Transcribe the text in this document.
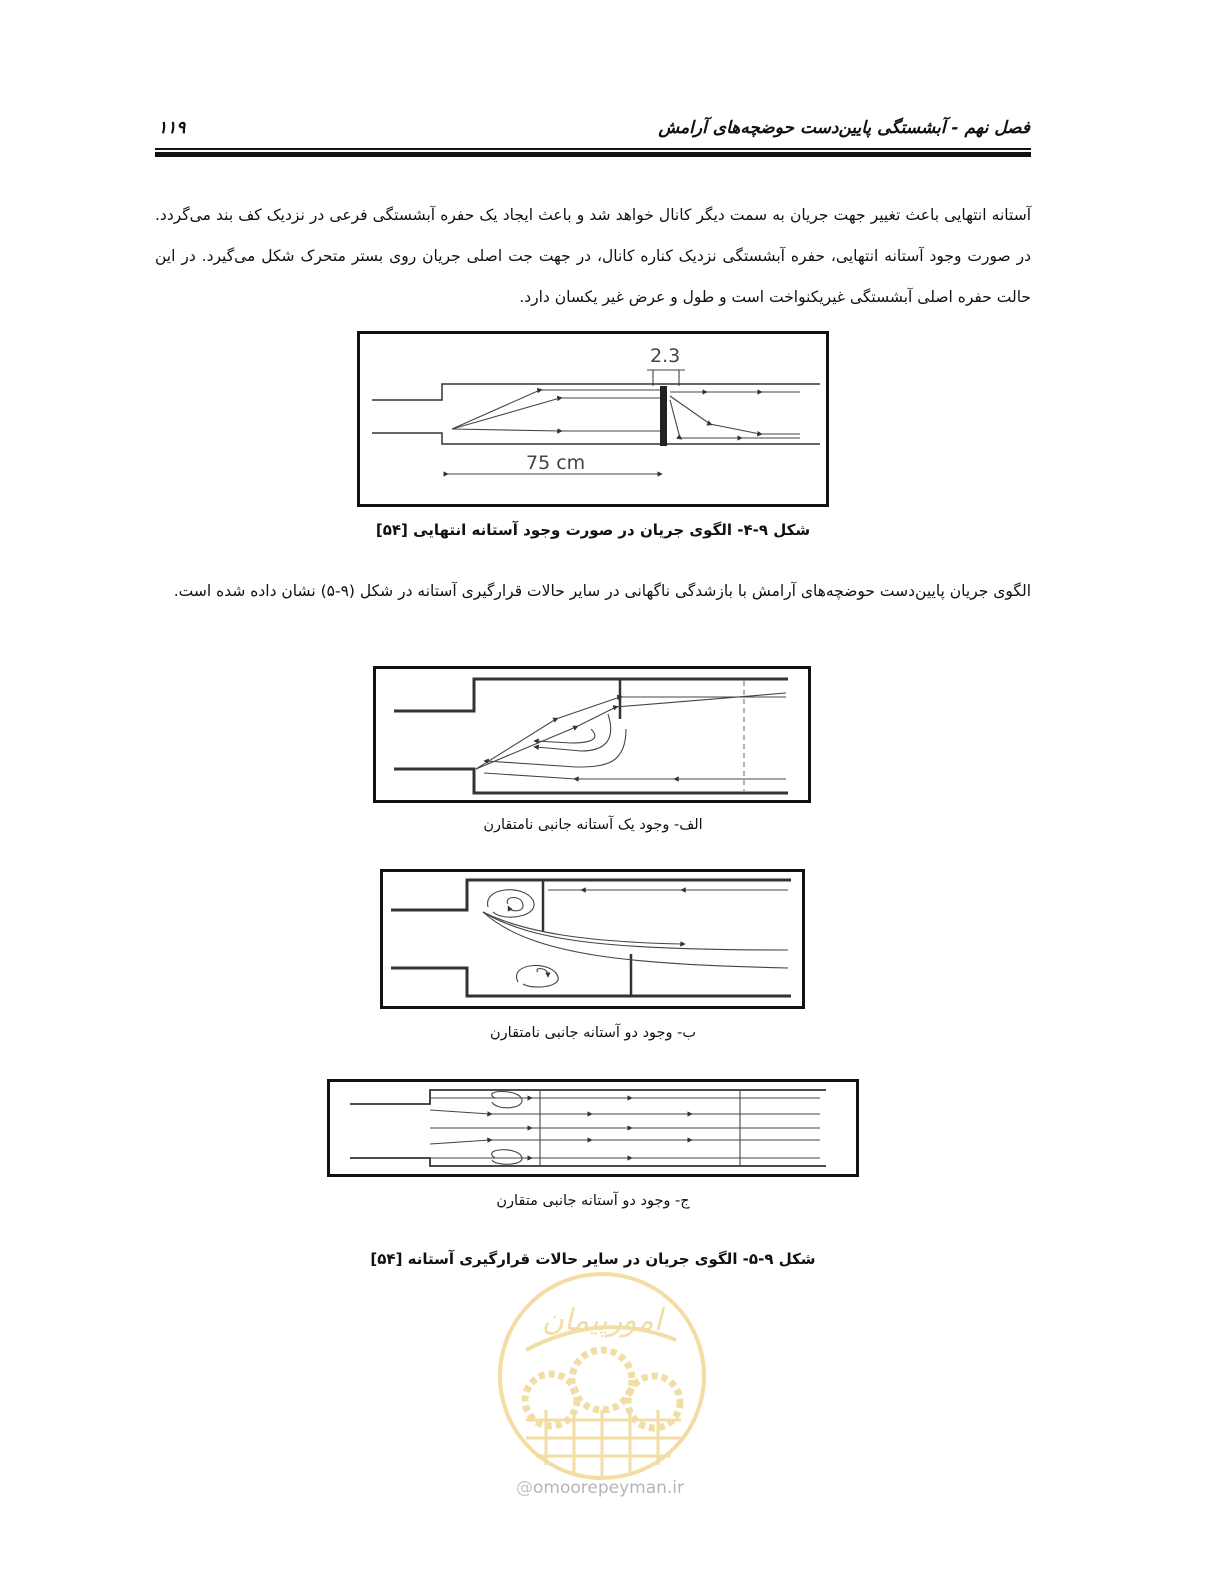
فصل نهم - آبشستگی پایین‌دست حوضچه‌های آرامش
۱۱۹

آستانه انتهایی باعث تغییر جهت جریان به سمت دیگر کانال خواهد شد و باعث ایجاد یک حفره آبشستگی فرعی در نزدیک کف بند می‌گردد. در صورت وجود آستانه انتهایی، حفره آبشستگی نزدیک کناره کانال، در جهت جت اصلی جریان روی بستر متحرک شکل می‌گیرد. در این حالت حفره اصلی آبشستگی غیریکنواخت است و طول و عرض غیر یکسان دارد.

2.3
75 cm
شکل ۹-۴- الگوی جریان در صورت وجود آستانه انتهایی [۵۴]

الگوی جریان پایین‌دست حوضچه‌های آرامش با بازشدگی ناگهانی در سایر حالات قرارگیری آستانه در شکل (۹-۵) نشان داده شده است.

الف- وجود یک آستانه جانبی نامتقارن
ب- وجود دو آستانه جانبی نامتقارن
ج- وجود دو آستانه جانبی متقارن
شکل ۹-۵- الگوی جریان در سایر حالات قرارگیری آستانه [۵۴]
امورپیمان
@omoorepeyman.ir
